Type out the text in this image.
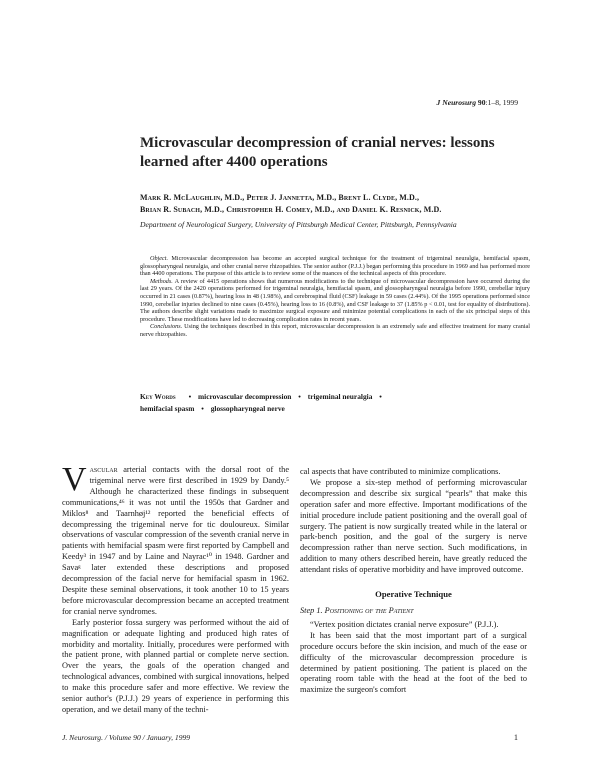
J Neurosurg 90:1–8, 1999
Microvascular decompression of cranial nerves: lessons learned after 4400 operations
Mark R. McLaughlin, M.D., Peter J. Jannetta, M.D., Brent L. Clyde, M.D.,
Brian R. Subach, M.D., Christopher H. Comey, M.D., and Daniel K. Resnick, M.D.
Department of Neurological Surgery, University of Pittsburgh Medical Center, Pittsburgh, Pennsylvania

Object. Microvascular decompression has become an accepted surgical technique for the treatment of trigeminal neuralgia, hemifacial spasm, glossopharyngeal neuralgia, and other cranial nerve rhizopathies. The senior author (P.J.J.) began performing this procedure in 1969 and has performed more than 4400 operations. The purpose of this article is to review some of the nuances of the technical aspects of this procedure.

Methods. A review of 4415 operations shows that numerous modifications to the technique of microvascular decompression have occurred during the last 29 years. Of the 2420 operations performed for trigeminal neuralgia, hemifacial spasm, and glossopharyngeal neuralgia before 1990, cerebellar injury occurred in 21 cases (0.87%), hearing loss in 48 (1.98%), and cerebrospinal fluid (CSF) leakage in 59 cases (2.44%). Of the 1995 operations performed since 1990, cerebellar injuries declined to nine cases (0.45%), hearing loss to 16 (0.8%), and CSF leakage to 37 (1.85% p < 0.01, test for equality of distributions). The authors describe slight variations made to maximize surgical exposure and minimize potential complications in each of the six principal steps of this procedure. These modifications have led to decreasing complication rates in recent years.

Conclusions. Using the techniques described in this report, microvascular decompression is an extremely safe and effective treatment for many cranial nerve rhizopathies.

Key Words • microvascular decompression • trigeminal neuralgia •
hemifacial spasm • glossopharyngeal nerve

Vascular arterial contacts with the dorsal root of the trigeminal nerve were first described in 1929 by Dandy.⁵ Although he characterized these findings in subsequent communications,⁴⁶ it was not until the 1950s that Gardner and Miklos⁸ and Taarnhøj¹² reported the beneficial effects of decompressing the trigeminal nerve for tic douloureux. Similar observations of vascular compression of the seventh cranial nerve in patients with hemifacial spasm were first reported by Campbell and Keedy³ in 1947 and by Laine and Nayrac¹⁰ in 1948. Gardner and Savaᵍ later extended these descriptions and proposed decompression of the facial nerve for hemifacial spasm in 1962. Despite these seminal observations, it took another 10 to 15 years before microvascular decompression became an accepted treatment for cranial nerve syndromes.

Early posterior fossa surgery was performed without the aid of magnification or adequate lighting and produced high rates of morbidity and mortality. Initially, procedures were performed with the patient prone, with planned partial or complete nerve section. Over the years, the goals of the operation changed and technological advances, combined with surgical innovations, helped to make this procedure safer and more effective. We review the senior author's (P.J.J.) 29 years of experience in performing this operation, and we detail many of the techni-

cal aspects that have contributed to minimize complications.

We propose a six-step method of performing microvascular decompression and describe six surgical “pearls” that make this operation safer and more effective. Important modifications of the initial procedure include patient positioning and the overall goal of surgery. The patient is now surgically treated while in the lateral or park-bench position, and the goal of the surgery is nerve decompression rather than nerve section. Such modifications, in addition to many others described herein, have greatly reduced the attendant risks of operative morbidity and have improved outcome.

Operative Technique
Step 1. Positioning of the Patient

“Vertex position dictates cranial nerve exposure” (P.J.J.).

It has been said that the most important part of a surgical procedure occurs before the skin incision, and much of the ease or difficulty of the microvascular decompression procedure is determined by patient positioning. The patient is placed on the operating room table with the head at the foot of the bed to maximize the surgeon's comfort

J. Neurosurg. / Volume 90 / January, 1999	1
